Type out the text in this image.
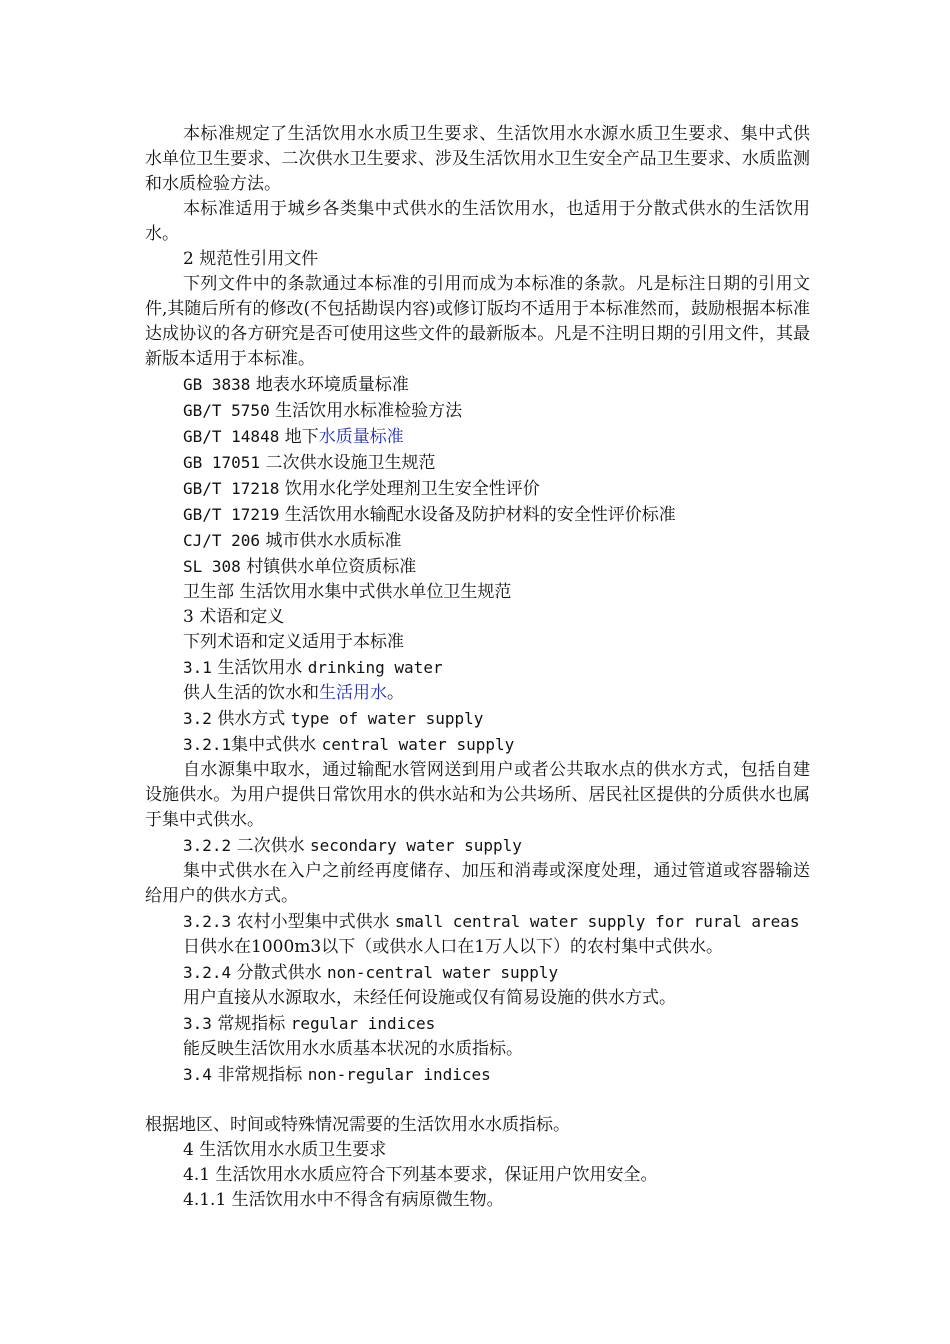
本标准规定了生活饮用水水质卫生要求、生活饮用水水源水质卫生要求、集中式供水单位卫生要求、二次供水卫生要求、涉及生活饮用水卫生安全产品卫生要求、水质监测和水质检验方法。

本标准适用于城乡各类集中式供水的生活饮用水，也适用于分散式供水的生活饮用水。

2 规范性引用文件

下列文件中的条款通过本标准的引用而成为本标准的条款。凡是标注日期的引用文件,其随后所有的修改(不包括勘误内容)或修订版均不适用于本标准然而，鼓励根据本标准达成协议的各方研究是否可使用这些文件的最新版本。凡是不注明日期的引用文件，其最新版本适用于本标准。

GB 3838 地表水环境质量标准

GB/T 5750 生活饮用水标准检验方法

GB/T 14848 地下水质量标准

GB 17051 二次供水设施卫生规范

GB/T 17218 饮用水化学处理剂卫生安全性评价

GB/T 17219 生活饮用水输配水设备及防护材料的安全性评价标准

CJ/T 206 城市供水水质标准

SL 308 村镇供水单位资质标准

卫生部 生活饮用水集中式供水单位卫生规范

3 术语和定义

下列术语和定义适用于本标准

3.1 生活饮用水 drinking water

供人生活的饮水和生活用水。

3.2 供水方式 type of water supply

3.2.1集中式供水 central water supply

自水源集中取水，通过输配水管网送到用户或者公共取水点的供水方式，包括自建设施供水。为用户提供日常饮用水的供水站和为公共场所、居民社区提供的分质供水也属于集中式供水。

3.2.2 二次供水 secondary water supply

集中式供水在入户之前经再度储存、加压和消毒或深度处理，通过管道或容器输送给用户的供水方式。

3.2.3 农村小型集中式供水 small central water supply for rural areas

日供水在1000m3以下（或供水人口在1万人以下）的农村集中式供水。

3.2.4 分散式供水 non-central water supply

用户直接从水源取水，未经任何设施或仅有简易设施的供水方式。

3.3 常规指标 regular indices

能反映生活饮用水水质基本状况的水质指标。

3.4 非常规指标 non-regular indices

根据地区、时间或特殊情况需要的生活饮用水水质指标。

4 生活饮用水水质卫生要求

4.1 生活饮用水水质应符合下列基本要求，保证用户饮用安全。

4.1.1 生活饮用水中不得含有病原微生物。
